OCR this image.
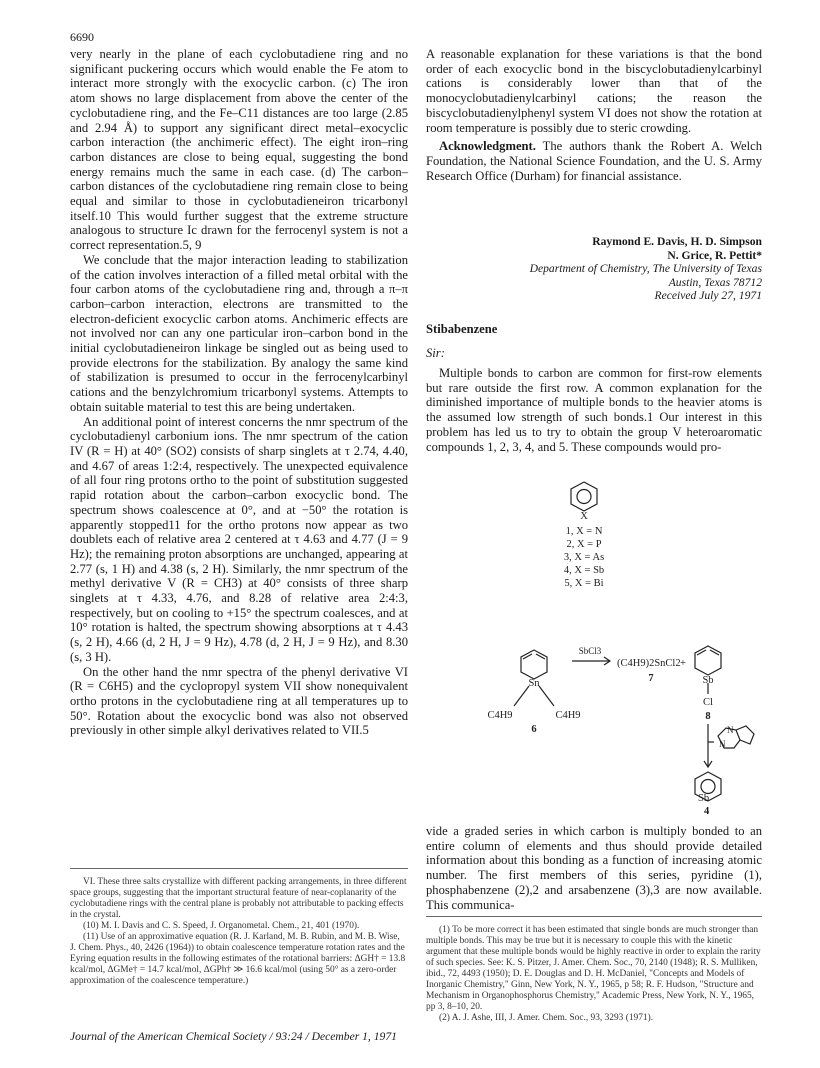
6690

very nearly in the plane of each cyclobutadiene ring and no significant puckering occurs which would enable the Fe atom to interact more strongly with the exocyclic carbon. (c) The iron atom shows no large displacement from above the center of the cyclobutadiene ring, and the Fe–C11 distances are too large (2.85 and 2.94 Å) to support any significant direct metal–exocyclic carbon interaction (the anchimeric effect). The eight iron–ring carbon distances are close to being equal, suggesting the bond energy remains much the same in each case. (d) The carbon–carbon distances of the cyclobutadiene ring remain close to being equal and similar to those in cyclobutadieneiron tricarbonyl itself.10 This would further suggest that the extreme structure analogous to structure Ic drawn for the ferrocenyl system is not a correct representation.5, 9

We conclude that the major interaction leading to stabilization of the cation involves interaction of a filled metal orbital with the four carbon atoms of the cyclobutadiene ring and, through a π–π carbon–carbon interaction, electrons are transmitted to the electron-deficient exocyclic carbon atoms. Anchimeric effects are not involved nor can any one particular iron–carbon bond in the initial cyclobutadieneiron linkage be singled out as being used to provide electrons for the stabilization. By analogy the same kind of stabilization is presumed to occur in the ferrocenylcarbinyl cations and the benzylchromium tricarbonyl systems. Attempts to obtain suitable material to test this are being undertaken.

An additional point of interest concerns the nmr spectrum of the cyclobutadienyl carbonium ions. The nmr spectrum of the cation IV (R = H) at 40° (SO2) consists of sharp singlets at τ 2.74, 4.40, and 4.67 of areas 1:2:4, respectively. The unexpected equivalence of all four ring protons ortho to the point of substitution suggested rapid rotation about the carbon–carbon exocyclic bond. The spectrum shows coalescence at 0°, and at −50° the rotation is apparently stopped11 for the ortho protons now appear as two doublets each of relative area 2 centered at τ 4.63 and 4.77 (J = 9 Hz); the remaining proton absorptions are unchanged, appearing at 2.77 (s, 1 H) and 4.38 (s, 2 H). Similarly, the nmr spectrum of the methyl derivative V (R = CH3) at 40° consists of three sharp singlets at τ 4.33, 4.76, and 8.28 of relative area 2:4:3, respectively, but on cooling to +15° the spectrum coalesces, and at 10° rotation is halted, the spectrum showing absorptions at τ 4.43 (s, 2 H), 4.66 (d, 2 H, J = 9 Hz), 4.78 (d, 2 H, J = 9 Hz), and 8.30 (s, 3 H).

On the other hand the nmr spectra of the phenyl derivative VI (R = C6H5) and the cyclopropyl system VII show nonequivalent ortho protons in the cyclobutadiene ring at all temperatures up to 50°. Rotation about the exocyclic bond was also not observed previously in other simple alkyl derivatives related to VII.5

VI. These three salts crystallize with different packing arrangements, in three different space groups, suggesting that the important structural feature of near-coplanarity of the cyclobutadiene rings with the central plane is probably not attributable to packing effects in the crystal.
(10) M. I. Davis and C. S. Speed, J. Organometal. Chem., 21, 401 (1970).
(11) Use of an approximative equation (R. J. Karland, M. B. Rubin, and M. B. Wise, J. Chem. Phys., 40, 2426 (1964)) to obtain coalescence temperature rotation rates and the Eyring equation results in the following estimates of the rotational barriers: ΔGH† = 13.8 kcal/mol, ΔGMe† = 14.7 kcal/mol, ΔGPh† ≫ 16.6 kcal/mol (using 50° as a zero-order approximation of the coalescence temperature.)

A reasonable explanation for these variations is that the bond order of each exocyclic bond in the biscyclobutadienylcarbinyl cations is considerably lower than that of the monocyclobutadienylcarbinyl cations; the reason the biscyclobutadienylphenyl system VI does not show the rotation at room temperature is possibly due to steric crowding.

Acknowledgment. The authors thank the Robert A. Welch Foundation, the National Science Foundation, and the U. S. Army Research Office (Durham) for financial assistance.

Raymond E. Davis, H. D. Simpson
N. Grice, R. Pettit*
Department of Chemistry, The University of Texas
Austin, Texas 78712
Received July 27, 1971
Stibabenzene
Sir:

Multiple bonds to carbon are common for first-row elements but rare outside the first row. A common explanation for the diminished importance of multiple bonds to the heavier atoms is the assumed low strength of such bonds.1 Our interest in this problem has led us to try to obtain the group V heteroaromatic compounds 1, 2, 3, 4, and 5. These compounds would pro-

X
1, X = N
2, X = P
3, X = As
4, X = Sb
5, X = Bi
Sn
C4H9	C4H9
6
SbCl3
(C4H9)2SnCl2
7
+
Sb
Cl
8
N
N
Sb
4

vide a graded series in which carbon is multiply bonded to an entire column of elements and thus should provide detailed information about this bonding as a function of increasing atomic number. The first members of this series, pyridine (1), phosphabenzene (2),2 and arsabenzene (3),3 are now available. This communica-

(1) To be more correct it has been estimated that single bonds are much stronger than multiple bonds. This may be true but it is necessary to couple this with the kinetic argument that these multiple bonds would be highly reactive in order to explain the rarity of such species. See: K. S. Pitzer, J. Amer. Chem. Soc., 70, 2140 (1948); R. S. Mulliken, ibid., 72, 4493 (1950); D. E. Douglas and D. H. McDaniel, "Concepts and Models of Inorganic Chemistry," Ginn, New York, N. Y., 1965, p 58; R. F. Hudson, "Structure and Mechanism in Organophosphorus Chemistry," Academic Press, New York, N. Y., 1965, pp 3, 8–10, 20.
(2) A. J. Ashe, III, J. Amer. Chem. Soc., 93, 3293 (1971).
Journal of the American Chemical Society / 93:24 / December 1, 1971
